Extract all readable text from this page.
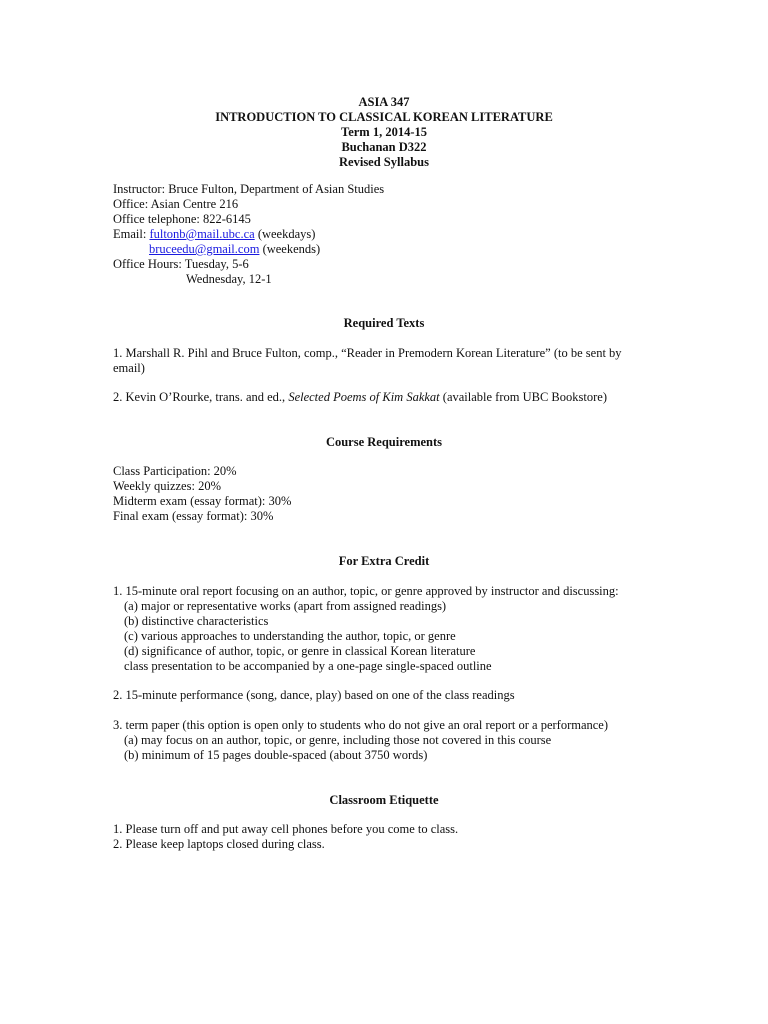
ASIA 347
INTRODUCTION TO CLASSICAL KOREAN LITERATURE
Term 1, 2014-15
Buchanan D322
Revised Syllabus
Instructor: Bruce Fulton, Department of Asian Studies
Office: Asian Centre 216
Office telephone: 822-6145
Email: fultonb@mail.ubc.ca (weekdays)
bruceedu@gmail.com (weekends)
Office Hours: Tuesday, 5-6
Wednesday, 12-1
Required Texts
1. Marshall R. Pihl and Bruce Fulton, comp., “Reader in Premodern Korean Literature” (to be sent by
email)
2. Kevin O’Rourke, trans. and ed., Selected Poems of Kim Sakkat (available from UBC Bookstore)
Course Requirements
Class Participation: 20%
Weekly quizzes: 20%
Midterm exam (essay format): 30%
Final exam (essay format): 30%
For Extra Credit
1. 15-minute oral report focusing on an author, topic, or genre approved by instructor and discussing:
(a) major or representative works (apart from assigned readings)
(b) distinctive characteristics
(c) various approaches to understanding the author, topic, or genre
(d) significance of author, topic, or genre in classical Korean literature
class presentation to be accompanied by a one-page single-spaced outline
2. 15-minute performance (song, dance, play) based on one of the class readings
3. term paper (this option is open only to students who do not give an oral report or a performance)
(a) may focus on an author, topic, or genre, including those not covered in this course
(b) minimum of 15 pages double-spaced (about 3750 words)
Classroom Etiquette
1. Please turn off and put away cell phones before you come to class.
2. Please keep laptops closed during class.
